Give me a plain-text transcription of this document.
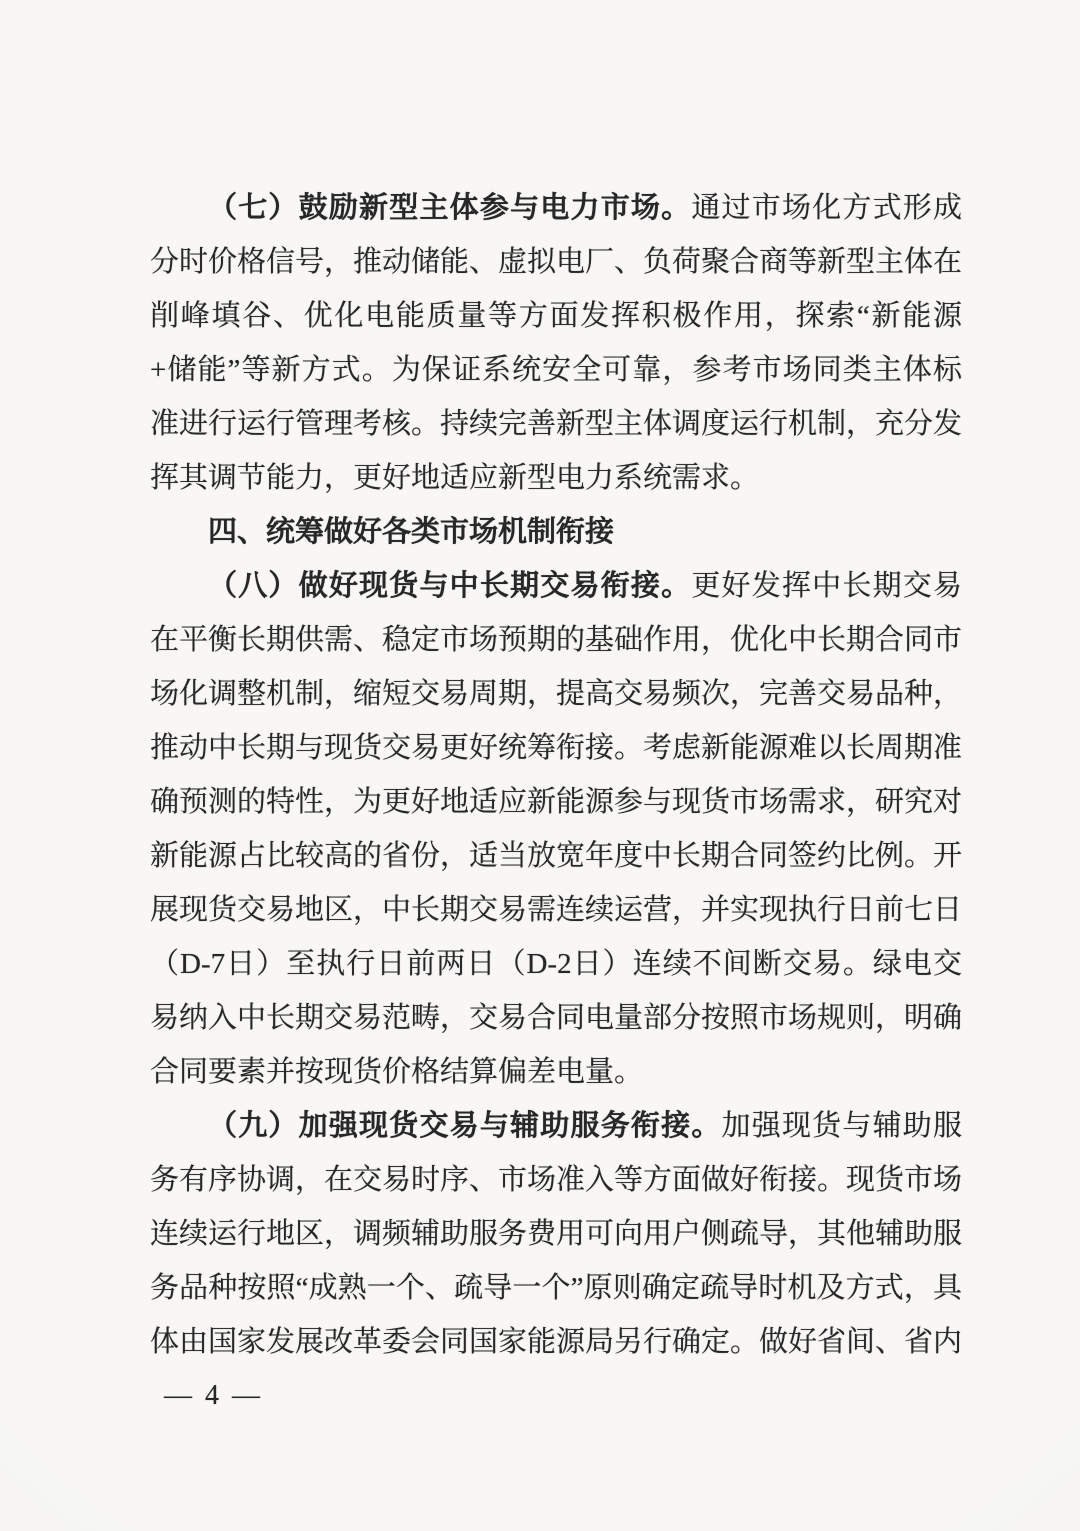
（七）鼓励新型主体参与电力市场。通过市场化方式形成分时价格信号，推动储能、虚拟电厂、负荷聚合商等新型主体在削峰填谷、优化电能质量等方面发挥积极作用，探索“新能源+储能”等新方式。为保证系统安全可靠，参考市场同类主体标准进行运行管理考核。持续完善新型主体调度运行机制，充分发挥其调节能力，更好地适应新型电力系统需求。

四、统筹做好各类市场机制衔接

（八）做好现货与中长期交易衔接。更好发挥中长期交易在平衡长期供需、稳定市场预期的基础作用，优化中长期合同市场化调整机制，缩短交易周期，提高交易频次，完善交易品种，推动中长期与现货交易更好统筹衔接。考虑新能源难以长周期准确预测的特性，为更好地适应新能源参与现货市场需求，研究对新能源占比较高的省份，适当放宽年度中长期合同签约比例。开展现货交易地区，中长期交易需连续运营，并实现执行日前七日（D-7日）至执行日前两日（D-2日）连续不间断交易。绿电交易纳入中长期交易范畴，交易合同电量部分按照市场规则，明确合同要素并按现货价格结算偏差电量。

（九）加强现货交易与辅助服务衔接。加强现货与辅助服务有序协调，在交易时序、市场准入等方面做好衔接。现货市场连续运行地区，调频辅助服务费用可向用户侧疏导，其他辅助服务品种按照“成熟一个、疏导一个”原则确定疏导时机及方式，具体由国家发展改革委会同国家能源局另行确定。做好省间、省内

— 4 —
